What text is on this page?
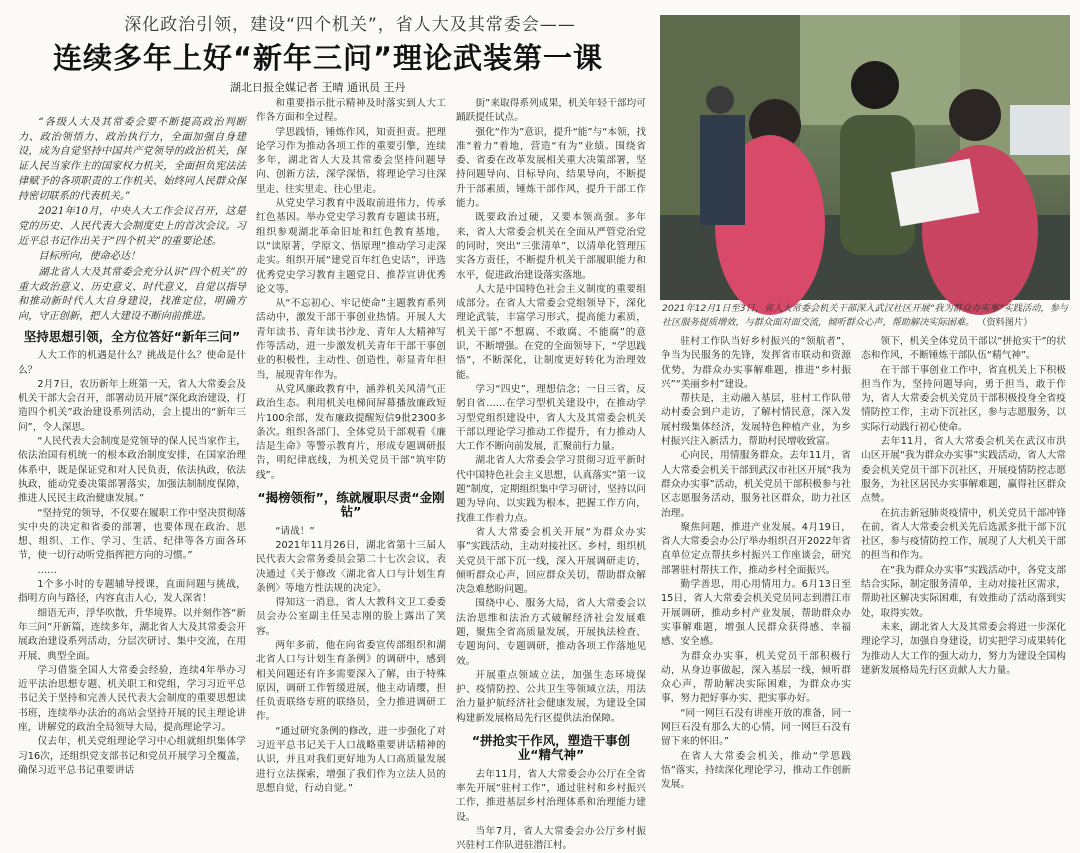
深化政治引领，建设“四个机关”，省人大及其常委会——
连续多年上好“新年三问”理论武装第一课
湖北日报全媒记者 王晴 通讯员 王丹

“各级人大及其常委会要不断提高政治判断力、政治领悟力、政治执行力，全面加强自身建设，成为自觉坚持中国共产党领导的政治机关，保证人民当家作主的国家权力机关，全面担负宪法法律赋予的各项职责的工作机关、始终同人民群众保持密切联系的代表机关。”

2021年10月，中央人大工作会议召开，这是党的历史、人民代表大会制度史上的首次会议。习近平总书记作出关于“四个机关”的重要论述。

目标所向，使命必达！

湖北省人大及其常委会充分认识“四个机关”的重大政治意义、历史意义、时代意义，自觉以指导和推动新时代人大自身建设，找准定位，明确方向，守正创新，把人大建设不断向前推进。

坚持思想引领，全方位答好“新年三问”

人大工作的机遇是什么？挑战是什么？使命是什么？

2月7日，农历新年上班第一天，省人大常委会及机关干部大会召开，部署动员开展“深化政治建设，打造四个机关”政治建设系列活动，会上提出的“新年三问”，令人深思。

“人民代表大会制度是党领导的保人民当家作主，依法治国有机统一的根本政治制度安排，在国家治理体系中，既是保证党和对人民负责，依法执政，依法执政，能动党委决策部署落实，加强法制制度保障，推进人民民主政治健康发展。”

“坚持党的领导，不仅要在履职工作中坚决贯彻落实中央的决定和省委的部署，也要体现在政治、思想、组织、工作、学习、生活、纪律等各方面各环节，使一切行动听党指挥把方向的习惯。”

……

1个多小时的专题辅导授课，直面问题与挑战，指明方向与路径，内容直击人心，发人深省！

细语无声，浮华吹散，升华境界。以并刻作答“新年三问”开新篇，连续多年，湖北省人大及其常委会开展政治建设系列活动，分层次研讨、集中交流，在用开展、典型全面。

学习借鉴全国人大常委会经验，连续4年举办习近平法治思想专题、机关职工和党组，学习习近平总书记关于坚持和完善人民代表大会制度的重要思想读书班，连续举办法治的高站会坚持开展的民主理论讲座，讲解党的政治全局领导大局，提高理论学习。

仅去年，机关党组理论学习中心组就组织集体学习16次，还组织党支部书记和党员开展学习全覆盖，确保习近平总书记重要讲话

和重要指示批示精神及时落实到人大工作各方面和全过程。

学思践悟，锤炼作风，知责担责。把理论学习作为推动各项工作的重要引擎，连续多年，湖北省人大及其常委会坚持问题导向、创新方法，深学深悟，将理论学习往深里走、往实里走、往心里走。

从党史学习教育中汲取前进伟力，传承红色基因。举办党史学习教育专题读书班，组织参观湖北革命旧址和红色教育基地，以“读原著，学原文、悟原理”推动学习走深走实。组织开展“建党百年红色史话”，评选优秀党史学习教育主题党日、推荐宣讲优秀论文等。

从“不忘初心、牢记使命”主题教育系列活动中，激发干部干事创业热情。开展人大青年读书、青年读书沙龙、青年人大精神写作等活动，进一步激发机关青年干部干事创业的积极性，主动性、创造性，彰显青年担当，展现青年作为。

从党风廉政教育中，涵养机关风清气正政治生态。利用机关电梯间屏幕播放廉政短片100余部，发布廉政提醒短信9批2300多条次。组织各部门、全体党员干部观看《廉洁是生命》等警示教育片，形成专题调研报告，明纪律底线，为机关党员干部“筑牢防线”。

“揭榜领衔”，练就履职尽责“金刚钻”

“请战！”

2021年11月26日，湖北省第十三届人民代表大会常务委员会第二十七次会议，表决通过《关于修改〈湖北省人口与计划生育条例〉等地方性法规的决定》。

得知这一消息，省人大教科文卫工委委员会办公室副主任吴志刚的脸上露出了笑容。

两年多前，他在向省委宣传部组织和湖北省人口与计划生育条例》的调研中，感到相关问题还有许多需要深入了解，由于特殊原因，调研工作暂缓进展，他主动请缨，担任负责联络专班的联络员，全力推进调研工作。

“通过研究条例的修改，进一步强化了对习近平总书记关于人口战略重要讲话精神的认识，并且对我们更好地为人口高质量发展进行立法探索，增强了我们作为立法人员的思想自觉，行动自觉。”

街”来取得系列成果，机关年轻干部均可踊跃提任试点。

强化“作为”意识，提升“能”与“本领，找准“着力”着地，营造“有为”业绩。围绕省委、省委在改革发展相关重大决策部署，坚持问题导向、目标导向、结果导向，不断提升干部素质，锤炼干部作风，提升干部工作能力。

既要政治过硬，又要本领高强。多年来，省人大常委会机关在全面从严管党治党的同时，突出“三张清单”，以清单化管理压实各方责任，不断提升机关干部履职能力和水平，促进政治建设落实落地。

人大是中国特色社会主义制度的重要组成部分。在省人大常委会党组领导下，深化理论武装，丰富学习形式，提高能力素质，机关干部“不想腐、不敢腐、不能腐”的意识，不断增强。在党的全面领导下，“学思践悟”，不断深化，让制度更好转化为治理效能。

学习“四史”，理想信念；一日三省，反躬自省……在学习型机关建设中，在推动学习型党组织建设中，省人大及其常委会机关干部以理论学习推动工作提升，有力推动人大工作不断向前发展，汇聚前行力量。

湖北省人大常委会学习贯彻习近平新时代中国特色社会主义思想，认真落实“第一议题”制度，定期组织集中学习研讨，坚持以问题为导向、以实践为根本，把握工作方向，找准工作着力点。

省人大常委会机关开展“为群众办实事”实践活动，主动对接社区、乡村，组织机关党员干部下沉一线，深入开展调研走访，倾听群众心声，回应群众关切，帮助群众解决急难愁盼问题。

围绕中心、服务大局，省人大常委会以法治思维和法治方式破解经济社会发展难题，聚焦全省高质量发展，开展执法检查、专题询问、专题调研，推动各项工作落地见效。

开展重点领域立法，加强生态环境保护、疫情防控、公共卫生等领域立法，用法治力量护航经济社会健康发展，为建设全国构建新发展格局先行区提供法治保障。

“拼抢实干作风，塑造干事创业“精气神”

去年11月，省人大常委会办公厅在全省率先开展“驻村工作”，通过驻村和乡村振兴工作，推进基层乡村治理体系和治理能力建设。

当年7月，省人大常委会办公厅乡村振兴驻村工作队进驻潜江村。

2021年12月1日至3日，省人大常委会机关干部深入武汉社区开展“我为群众办实事”实践活动，参与社区服务提质增效，与群众面对面交流，倾听群众心声，帮助解决实际困难。 （资料图片）

驻村工作队当好乡村振兴的“领航者”，争当为民服务的先锋，发挥省市联动和资源优势，为群众办实事解难题，推进“乡村振兴”“美丽乡村”建设。

帮扶是，主动融入基层，驻村工作队带动村委会到户走访，了解村情民意，深入发展村级集体经济，发展特色种植产业，为乡村振兴注入新活力，帮助村民增收致富。

心向民，用情服务群众。去年11月，省人大常委会机关干部到武汉市社区开展“我为群众办实事”活动，机关党员干部积极参与社区志愿服务活动，服务社区群众，助力社区治理。

聚焦问题，推进产业发展。4月19日，省人大常委会办公厅举办组织召开2022年省直单位定点帮扶乡村振兴工作座谈会，研究部署驻村帮扶工作，推动乡村全面振兴。

勤学善思，用心用情用力。6月13日至15日，省人大常委会机关党员同志到潜江市开展调研，推动乡村产业发展，帮助群众办实事解难题，增强人民群众获得感、幸福感、安全感。

为群众办实事，机关党员干部积极行动，从身边事做起，深入基层一线，倾听群众心声，帮助解决实际困难，为群众办实事，努力把好事办实、把实事办好。

“同一网巨石没有讲座开放的准备，同一网巨石没有那么大的心情，同一网巨石没有留下来的怀旧。”

在省人大常委会机关，推动“学思践悟”落实，持续深化理论学习，推动工作创新发展。

领下，机关全体党员干部以“拼抢实干”的状态和作风，不断锤炼干部队伍“精气神”。

在干部干事创业工作中，省直机关上下积极担当作为，坚持问题导向，勇于担当，敢于作为，省人大常委会机关党员干部积极投身全省疫情防控工作，主动下沉社区，参与志愿服务，以实际行动践行初心使命。

去年11月，省人大常委会机关在武汉市洪山区开展“我为群众办实事”实践活动，省人大常委会机关党员干部下沉社区，开展疫情防控志愿服务，为社区居民办实事解难题，赢得社区群众点赞。

在抗击新冠肺炎疫情中，机关党员干部冲锋在前，省人大常委会机关先后选派多批干部下沉社区，参与疫情防控工作，展现了人大机关干部的担当和作为。

在“我为群众办实事”实践活动中，各党支部结合实际，制定服务清单，主动对接社区需求，帮助社区解决实际困难，有效推动了活动落到实处，取得实效。

未来，湖北省人大及其常委会将进一步深化理论学习，加强自身建设，切实把学习成果转化为推动人大工作的强大动力，努力为建设全国构建新发展格局先行区贡献人大力量。
